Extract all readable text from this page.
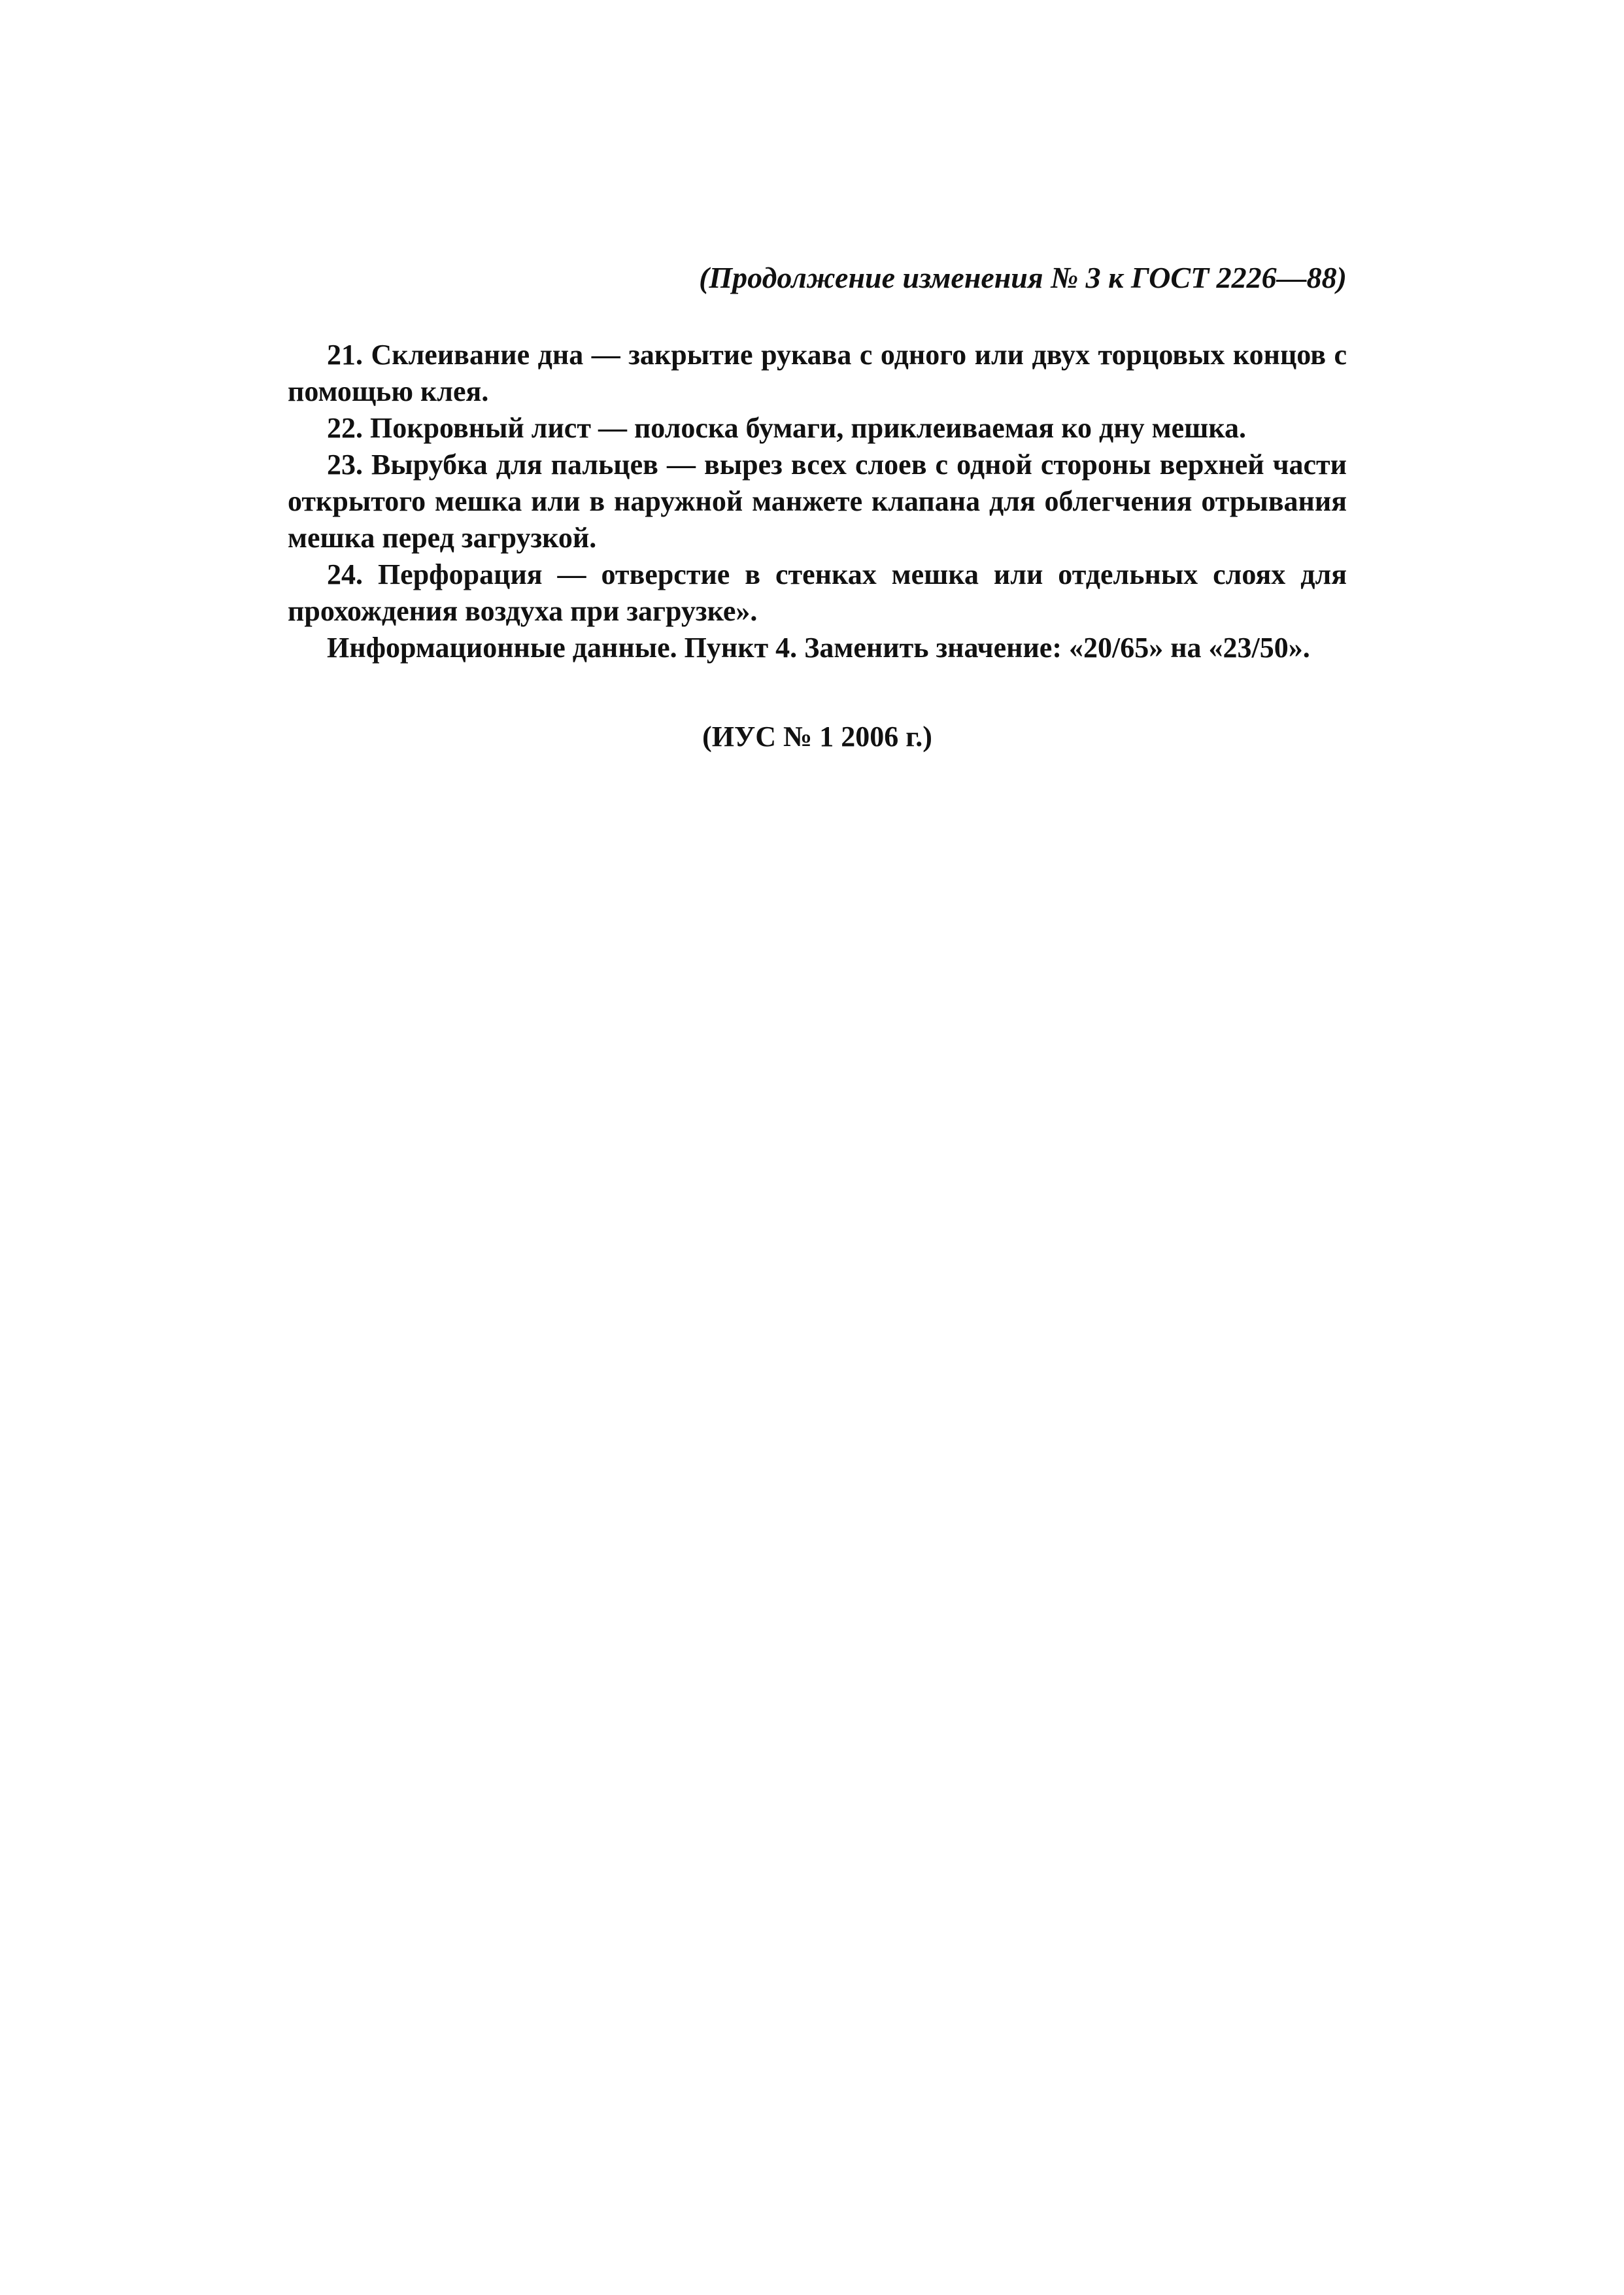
(Продолжение изменения № 3 к ГОСТ 2226—88)

21. Склеивание дна — закрытие рукава с одного или двух торцовых концов с помощью клея.

22. Покровный лист — полоска бумаги, приклеиваемая ко дну мешка.

23. Вырубка для пальцев — вырез всех слоев с одной стороны верхней части открытого мешка или в наружной манжете клапана для облегчения отрывания мешка перед загрузкой.

24. Перфорация — отверстие в стенках мешка или отдельных слоях для прохождения воздуха при загрузке».

Информационные данные. Пункт 4. Заменить значение: «20/65» на «23/50».

(ИУС № 1 2006 г.)
